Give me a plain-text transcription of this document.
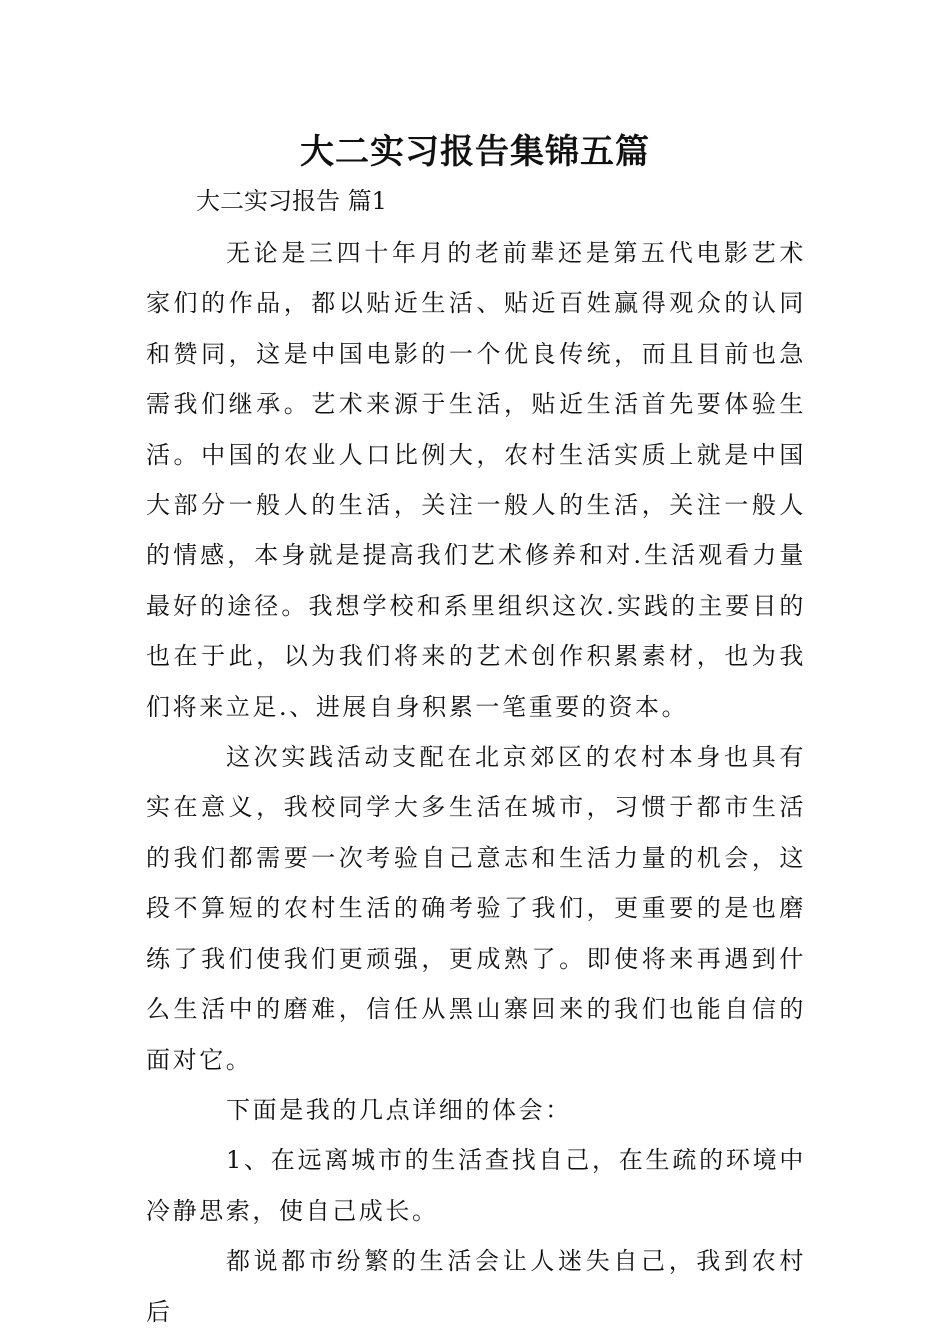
大二实习报告集锦五篇

大二实习报告 篇1

无论是三四十年月的老前辈还是第五代电影艺术家们的作品，都以贴近生活、贴近百姓赢得观众的认同和赞同，这是中国电影的一个优良传统，而且目前也急需我们继承。艺术来源于生活，贴近生活首先要体验生活。中国的农业人口比例大，农村生活实质上就是中国大部分一般人的生活，关注一般人的生活，关注一般人的情感，本身就是提高我们艺术修养和对.生活观看力量最好的途径。我想学校和系里组织这次.实践的主要目的也在于此，以为我们将来的艺术创作积累素材，也为我们将来立足.、进展自身积累一笔重要的资本。

这次实践活动支配在北京郊区的农村本身也具有实在意义，我校同学大多生活在城市，习惯于都市生活的我们都需要一次考验自己意志和生活力量的机会，这段不算短的农村生活的确考验了我们，更重要的是也磨练了我们使我们更顽强，更成熟了。即使将来再遇到什么生活中的磨难，信任从黑山寨回来的我们也能自信的面对它。

下面是我的几点详细的体会：

1、在远离城市的生活查找自己，在生疏的环境中冷静思索，使自己成长。

都说都市纷繁的生活会让人迷失自己，我到农村后
